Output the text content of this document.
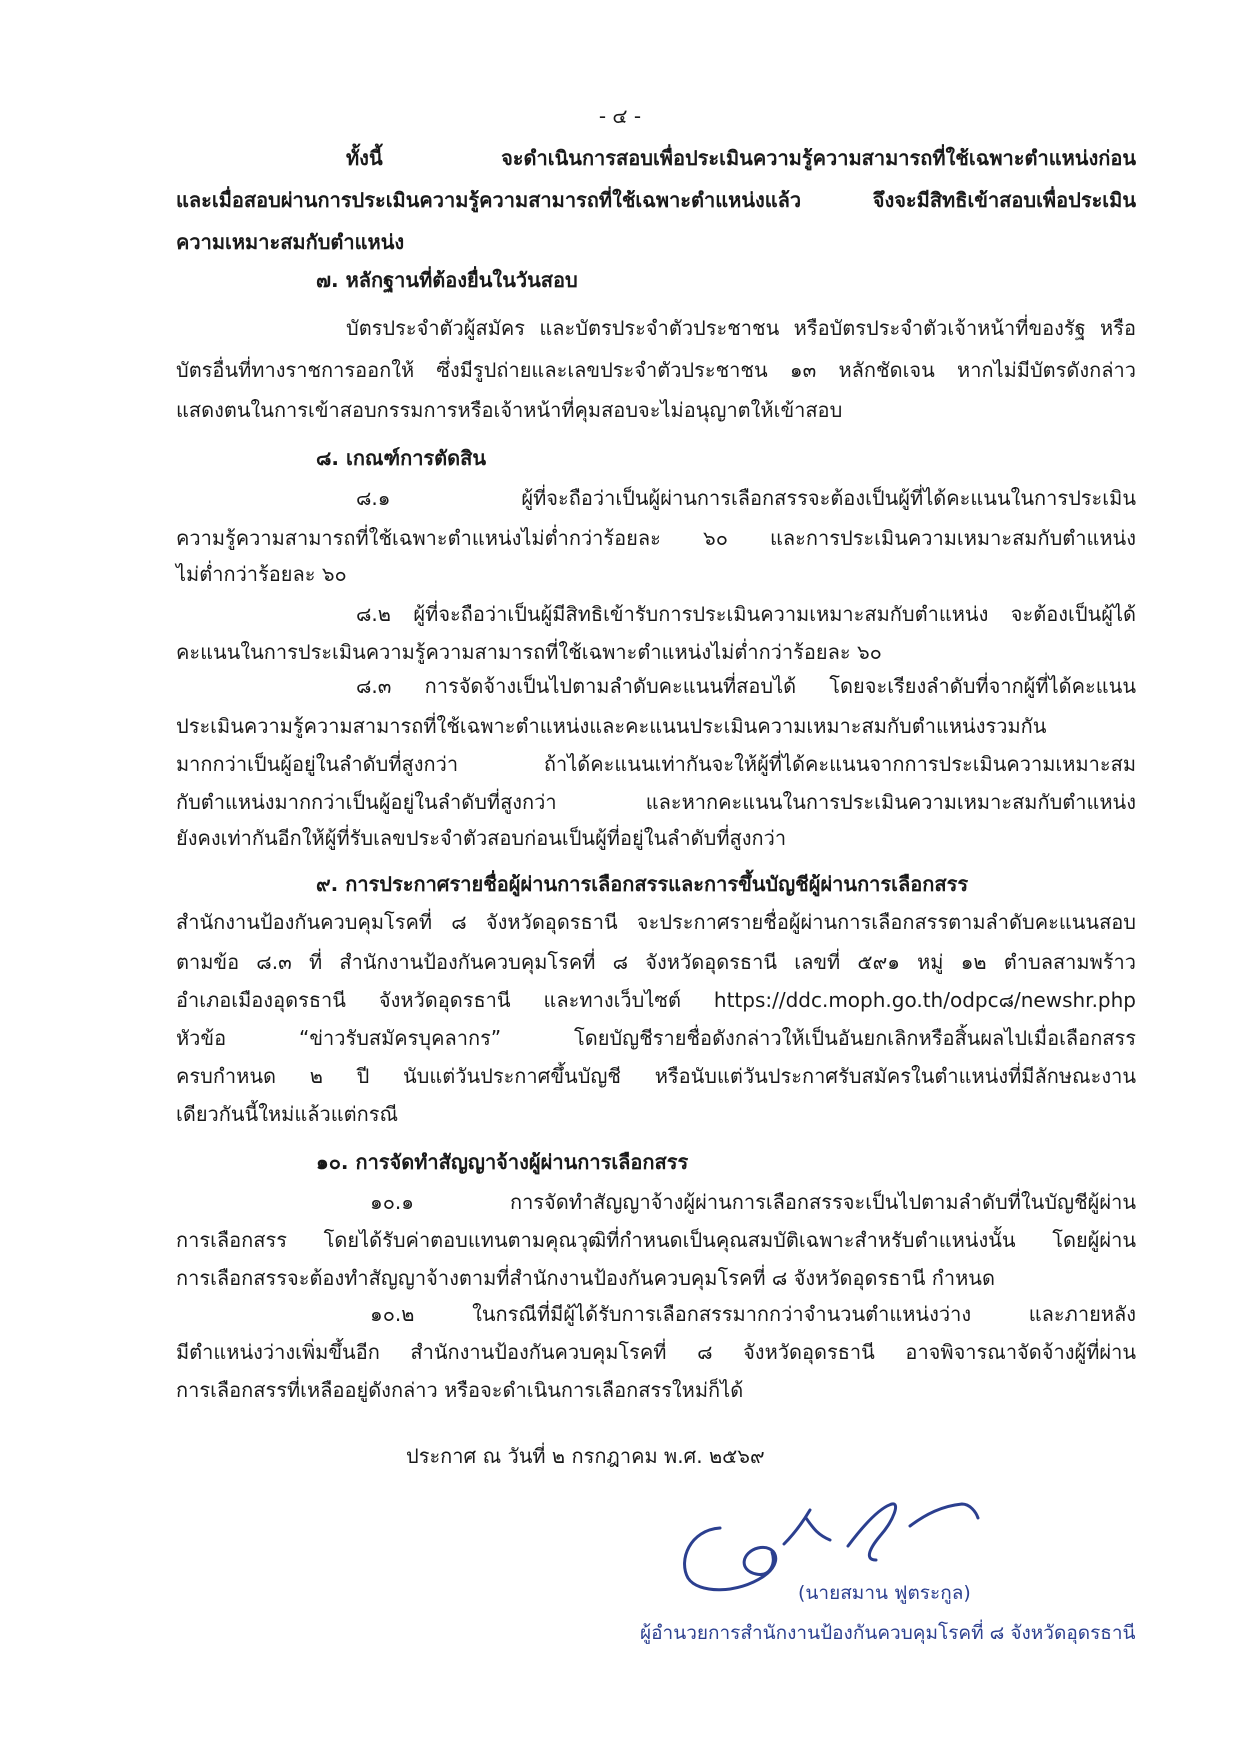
- ๔ -
ทั้งนี้ จะดำเนินการสอบเพื่อประเมินความรู้ความสามารถที่ใช้เฉพาะตำแหน่งก่อน
และเมื่อสอบผ่านการประเมินความรู้ความสามารถที่ใช้เฉพาะตำแหน่งแล้ว จึงจะมีสิทธิเข้าสอบเพื่อประเมิน
ความเหมาะสมกับตำแหน่ง
๗. หลักฐานที่ต้องยื่นในวันสอบ
บัตรประจำตัวผู้สมัคร และบัตรประจำตัวประชาชน หรือบัตรประจำตัวเจ้าหน้าที่ของรัฐ หรือ
บัตรอื่นที่ทางราชการออกให้ ซึ่งมีรูปถ่ายและเลขประจำตัวประชาชน ๑๓ หลักชัดเจน หากไม่มีบัตรดังกล่าว
แสดงตนในการเข้าสอบกรรมการหรือเจ้าหน้าที่คุมสอบจะไม่อนุญาตให้เข้าสอบ
๘. เกณฑ์การตัดสิน
๘.๑ ผู้ที่จะถือว่าเป็นผู้ผ่านการเลือกสรรจะต้องเป็นผู้ที่ได้คะแนนในการประเมิน
ความรู้ความสามารถที่ใช้เฉพาะตำแหน่งไม่ต่ำกว่าร้อยละ ๖๐ และการประเมินความเหมาะสมกับตำแหน่ง
ไม่ต่ำกว่าร้อยละ ๖๐
๘.๒ ผู้ที่จะถือว่าเป็นผู้มีสิทธิเข้ารับการประเมินความเหมาะสมกับตำแหน่ง จะต้องเป็นผู้ได้
คะแนนในการประเมินความรู้ความสามารถที่ใช้เฉพาะตำแหน่งไม่ต่ำกว่าร้อยละ ๖๐
๘.๓ การจัดจ้างเป็นไปตามลำดับคะแนนที่สอบได้ โดยจะเรียงลำดับที่จากผู้ที่ได้คะแนน
ประเมินความรู้ความสามารถที่ใช้เฉพาะตำแหน่งและคะแนนประเมินความเหมาะสมกับตำแหน่งรวมกัน
มากกว่าเป็นผู้อยู่ในลำดับที่สูงกว่า ถ้าได้คะแนนเท่ากันจะให้ผู้ที่ได้คะแนนจากการประเมินความเหมาะสม
กับตำแหน่งมากกว่าเป็นผู้อยู่ในลำดับที่สูงกว่า และหากคะแนนในการประเมินความเหมาะสมกับตำแหน่ง
ยังคงเท่ากันอีกให้ผู้ที่รับเลขประจำตัวสอบก่อนเป็นผู้ที่อยู่ในลำดับที่สูงกว่า
๙. การประกาศรายชื่อผู้ผ่านการเลือกสรรและการขึ้นบัญชีผู้ผ่านการเลือกสรร
สำนักงานป้องกันควบคุมโรคที่ ๘ จังหวัดอุดรธานี จะประกาศรายชื่อผู้ผ่านการเลือกสรรตามลำดับคะแนนสอบ
ตามข้อ ๘.๓ ที่ สำนักงานป้องกันควบคุมโรคที่ ๘ จังหวัดอุดรธานี เลขที่ ๕๙๑ หมู่ ๑๒ ตำบลสามพร้าว
อำเภอเมืองอุดรธานี จังหวัดอุดรธานี และทางเว็บไซต์ https://ddc.moph.go.th/odpc๘/newshr.php
หัวข้อ “ข่าวรับสมัครบุคลากร” โดยบัญชีรายชื่อดังกล่าวให้เป็นอันยกเลิกหรือสิ้นผลไปเมื่อเลือกสรร
ครบกำหนด ๒ ปี นับแต่วันประกาศขึ้นบัญชี หรือนับแต่วันประกาศรับสมัครในตำแหน่งที่มีลักษณะงาน
เดียวกันนี้ใหม่แล้วแต่กรณี
๑๐. การจัดทำสัญญาจ้างผู้ผ่านการเลือกสรร
๑๐.๑ การจัดทำสัญญาจ้างผู้ผ่านการเลือกสรรจะเป็นไปตามลำดับที่ในบัญชีผู้ผ่าน
การเลือกสรร โดยได้รับค่าตอบแทนตามคุณวุฒิที่กำหนดเป็นคุณสมบัติเฉพาะสำหรับตำแหน่งนั้น โดยผู้ผ่าน
การเลือกสรรจะต้องทำสัญญาจ้างตามที่สำนักงานป้องกันควบคุมโรคที่ ๘ จังหวัดอุดรธานี กำหนด
๑๐.๒ ในกรณีที่มีผู้ได้รับการเลือกสรรมากกว่าจำนวนตำแหน่งว่าง และภายหลัง
มีตำแหน่งว่างเพิ่มขึ้นอีก สำนักงานป้องกันควบคุมโรคที่ ๘ จังหวัดอุดรธานี อาจพิจารณาจัดจ้างผู้ที่ผ่าน
การเลือกสรรที่เหลืออยู่ดังกล่าว หรือจะดำเนินการเลือกสรรใหม่ก็ได้
ประกาศ ณ วันที่ ๒ กรกฎาคม พ.ศ. ๒๕๖๙
(นายสมาน ฟูตระกูล)
ผู้อำนวยการสำนักงานป้องกันควบคุมโรคที่ ๘ จังหวัดอุดรธานี
